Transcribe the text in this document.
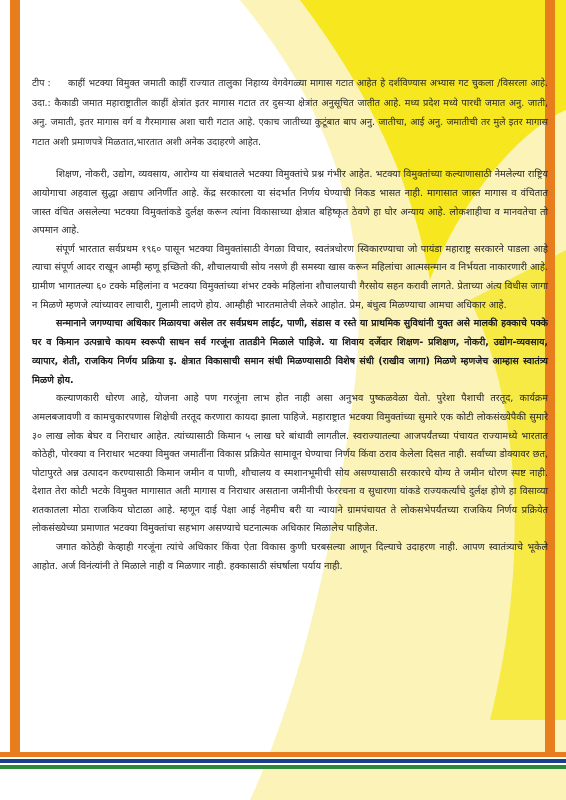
टीप : काहीं भटक्या विमुक्त जमाती काहीं राज्यात तालुका निहाय्य वेगवेगळ्या मागास गटात आहेत हे दर्शविण्यास अभ्यास गट चुकला /विसरला आहे. उदा.: कैकाडी जमात महाराष्ट्रातील काहीं क्षेत्रांत इतर मागास गटात तर दुसऱ्या क्षेत्रांत अनुसूचित जातीत आहे. मध्य प्रदेश मध्ये पारधी जमात अनु. जाती, अनु. जमाती, इतर मागास वर्ग व गैरमागास अशा चारी गटात आहे. एकाच जातीच्या कुटूंबात बाप अनु. जातीचा, आई अनु. जमातीची तर मुले इतर मागास गटात अशी प्रमाणपत्रे मिळतात,भारतात अशी अनेक उदाहरणे आहेत.

शिक्षण, नोकरी, उद्योग, व्यवसाय, आरोग्य या संबधातले भटक्या विमुक्तांचे प्रश्न गंभीर आहेत. भटक्या विमुक्तांच्या कल्याणासाठी नेमलेल्या राष्ट्रिय आयोगाचा अहवाल सुद्धा अद्याप अनिर्णीत आहे. केंद्र सरकारला या संदर्भात निर्णय घेण्याची निकड भासत नाही. मागासात जास्त मागास व वंचितात जास्त वंचित असलेल्या भटक्या विमुक्तांकडे दुर्लक्ष करून त्यांना विकासाच्या क्षेत्रात बहिष्कृत ठेवणे हा घोर अन्याय आहे. लोकशाहीचा व मानवतेचा तो अपमान आहे.

संपूर्ण भारतात सर्वप्रथम १९६० पासून भटक्या विमुक्तांसाठी वेगळा विचार, स्वतंत्रधोरण स्विकारण्याचा जो पायंडा महाराष्ट्र सरकारने पाडला आहे त्याचा संपूर्ण आदर राखून आम्ही म्हणू इच्छितो की, शौचालयाची सोय नसणे ही समस्या खास करून महिलांचा आत्मसन्मान व निर्भयता नाकारणारी आहे. ग्रामीण भागातल्या ६० टक्के महिलांना व भटक्या विमुक्तांच्या शंभर टक्के महिलांना शौचालयाची गैरसोय सहन करावी लागते. प्रेताच्या अंत्य विधीस जागा न मिळणे म्हणजे त्यांच्यावर लाचारी, गुलामी लादणे होय. आम्हीही भारतमातेची लेकरे आहोत. प्रेम, बंधुत्व मिळण्याचा आमचा अधिकार आहे.

सन्मानाने जगण्याचा अधिकार मिळायचा असेल तर सर्वप्रथम लाईट, पाणी, संडास व रस्ते या प्राथमिक सुविधांनी युक्त असे मालकी हक्काचे पक्के घर व किमान उत्पन्नाचे कायम स्वरूपी साधन सर्व गरजूंना तातडीने मिळाले पाहिजे. या शिवाय दर्जेदार शिक्षण- प्रशिक्षण, नोकरी, उद्योग-व्यवसाय, व्यापार, शेती, राजकिय निर्णय प्रक्रिया इ. क्षेत्रात विकासाची समान संधी मिळण्यासाठी विशेष संधी (राखीव जागा) मिळणे म्हणजेच आम्हास स्वातंत्र्य मिळणे होय.

कल्याणकारी धोरण आहे, योजना आहे पण गरजूंना लाभ होत नाही असा अनुभव पुष्कळवेळा येतो. पुरेशा पैशाची तरतूद, कार्यक्रम अमलबजावणी व कामचुकारपणास शिक्षेची तरतूद करणारा कायदा झाला पाहिजे. महाराष्ट्रात भटक्या विमुक्तांच्या सुमारे एक कोटी लोकसंख्येपैकी सुमारे ३० लाख लोक बेघर व निराधार आहेत. त्यांच्यासाठी किमान ५ लाख घरे बांधावी लागतील. स्वराज्यातल्या आजपर्यंतच्या पंचायत राज्यामध्ये भारतात कोठेही, पोरक्या व निराधार भटक्या विमुक्त जमातींना विकास प्रक्रियेत सामावून घेण्याचा निर्णय किंवा ठराव केलेला दिसत नाही. सर्वांच्या डोक्यावर छत, पोटापुरते अन्न उत्पादन करण्यासाठी किमान जमीन व पाणी, शौचालय व स्मशानभूमीची सोय असण्यासाठी सरकारचे योग्य ते जमीन धोरण स्पष्ट नाही. देशात तेरा कोटी भटके विमुक्त मागासात अती मागास व निराधार असताना जमीनीची फेररचना व सुधारणा यांकडे राज्यकर्त्यांचे दुर्लक्ष होणे हा विसाव्या शतकातला मोठा राजकिय घोटाळा आहे. म्हणून दाई पेक्षा आई नेहमीच बरी या न्यायाने ग्रामपंचायत ते लोकसभेपर्यंतच्या राजकिय निर्णय प्रक्रियेत लोकसंख्येच्या प्रमाणात भटक्या विमुक्तांचा सहभाग असण्याचे घटनात्मक अधिकार मिळालेच पाहिजेत.

जगात कोठेही केव्हाही गरजूंना त्यांचे अधिकार किंवा ऐता विकास कुणी घरबसल्या आणून दिल्याचे उदाहरण नाही. आपण स्वातंत्र्याचे भूकेले आहोत. अर्ज विनंत्यांनी ते मिळाले नाही व मिळणार नाही. हक्कासाठी संघर्षाला पर्याय नाही.
